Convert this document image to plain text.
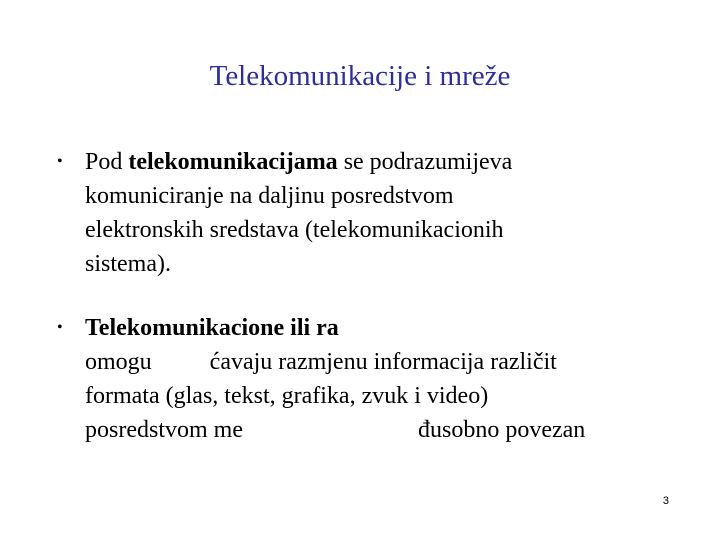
Telekomunikacije i mreže
• Pod telekomunikacijama se podrazumijeva
komuniciranje na daljinu posredstvom
elektronskih sredstava (telekomunikacionih
sistema).
• Telekomunikacione ili ra
omogu ćavaju razmjenu informacija različit
formata (glas, tekst, grafika, zvuk i video)
posredstvom me	đusobno povezan
3
